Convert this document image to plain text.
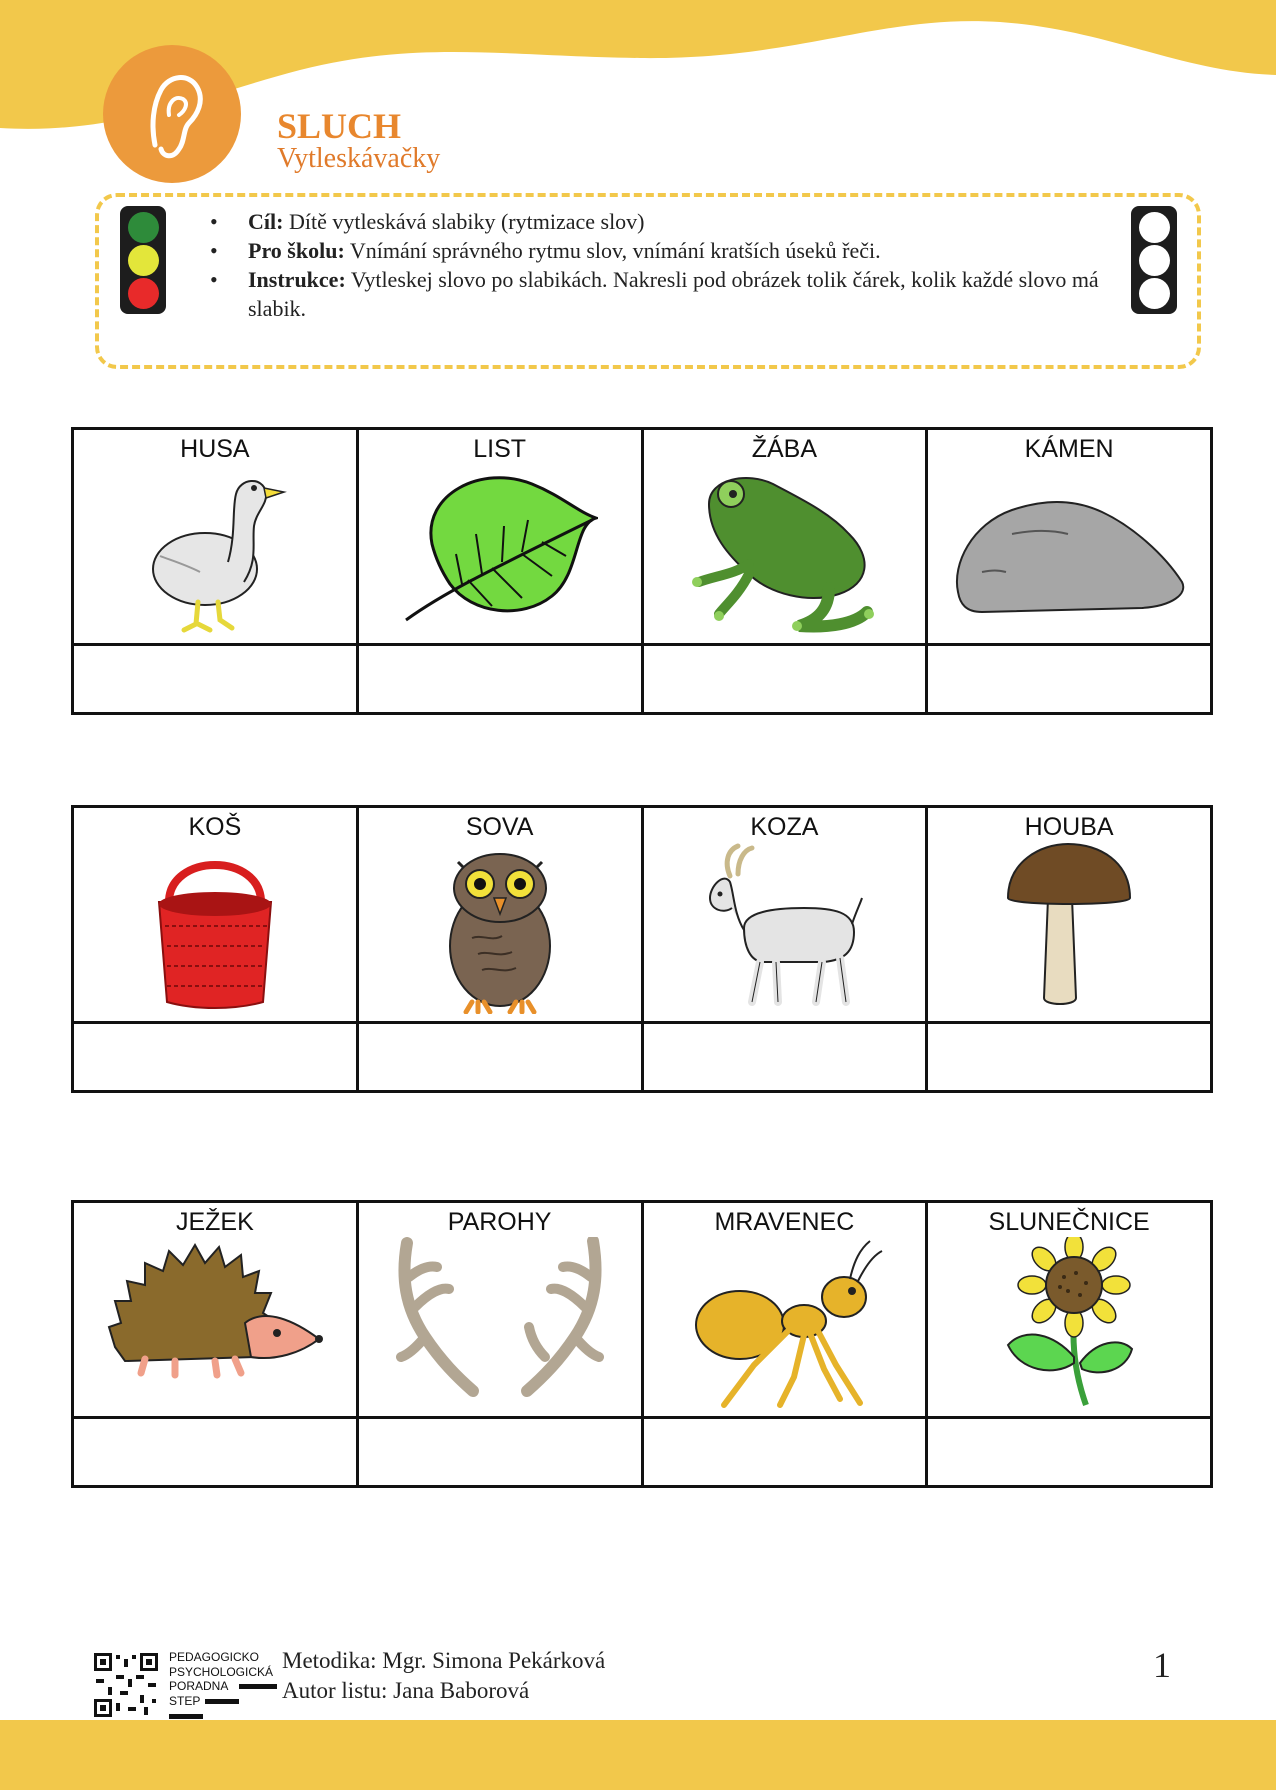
SLUCH
Vytleskávačky
• Cíl: Dítě vytleskává slabiky (rytmizace slov)
• Pro školu: Vnímání správného rytmu slov, vnímání kratších úseků řeči.
• Instrukce: Vytleskej slovo po slabikách. Nakresli pod obrázek tolik čárek, kolik každé slovo má slabik.
HUSA	LIST	ŽÁBA	KÁMEN

KOŠ	SOVA	KOZA	HOUBA

JEŽEK	PAROHY	MRAVENEC	SLUNEČNICE

PEDAGOGICKO
PSYCHOLOGICKÁ
PORADNA
STEP
Metodika: Mgr. Simona Pekárková
Autor listu: Jana Baborová
1
